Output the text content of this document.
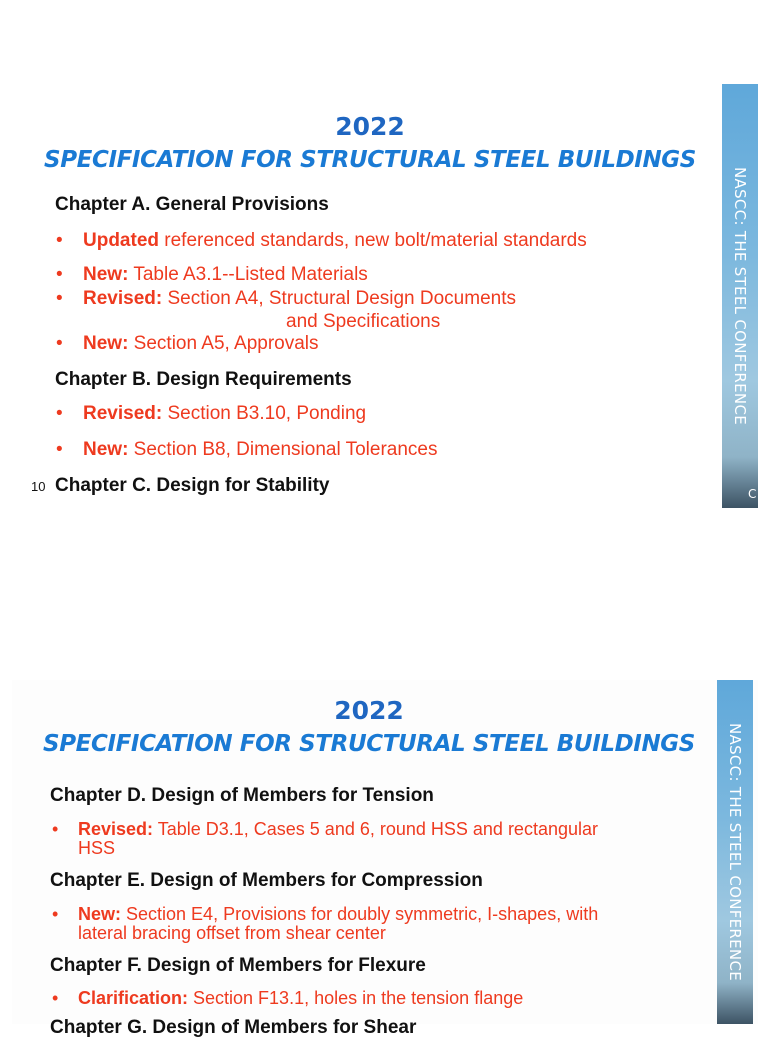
2022
SPECIFICATION FOR STRUCTURAL STEEL BUILDINGS
Chapter A. General Provisions
• Updated referenced standards, new bolt/material standards
• New: Table A3.1--Listed Materials
• Revised: Section A4, Structural Design Documents
and Specifications
• New: Section A5, Approvals
Chapter B. Design Requirements
• Revised: Section B3.10, Ponding
• New: Section B8, Dimensional Tolerances
10 Chapter C. Design for Stability
NASCC: THE STEEL CONFERENCE
C
2022
SPECIFICATION FOR STRUCTURAL STEEL BUILDINGS
Chapter D. Design of Members for Tension
• Revised: Table D3.1, Cases 5 and 6, round HSS and rectangular
HSS
Chapter E. Design of Members for Compression
• New: Section E4, Provisions for doubly symmetric, I-shapes, with
lateral bracing offset from shear center
Chapter F. Design of Members for Flexure
• Clarification: Section F13.1, holes in the tension flange
Chapter G. Design of Members for Shear
NASCC: THE STEEL CONFERENCE
